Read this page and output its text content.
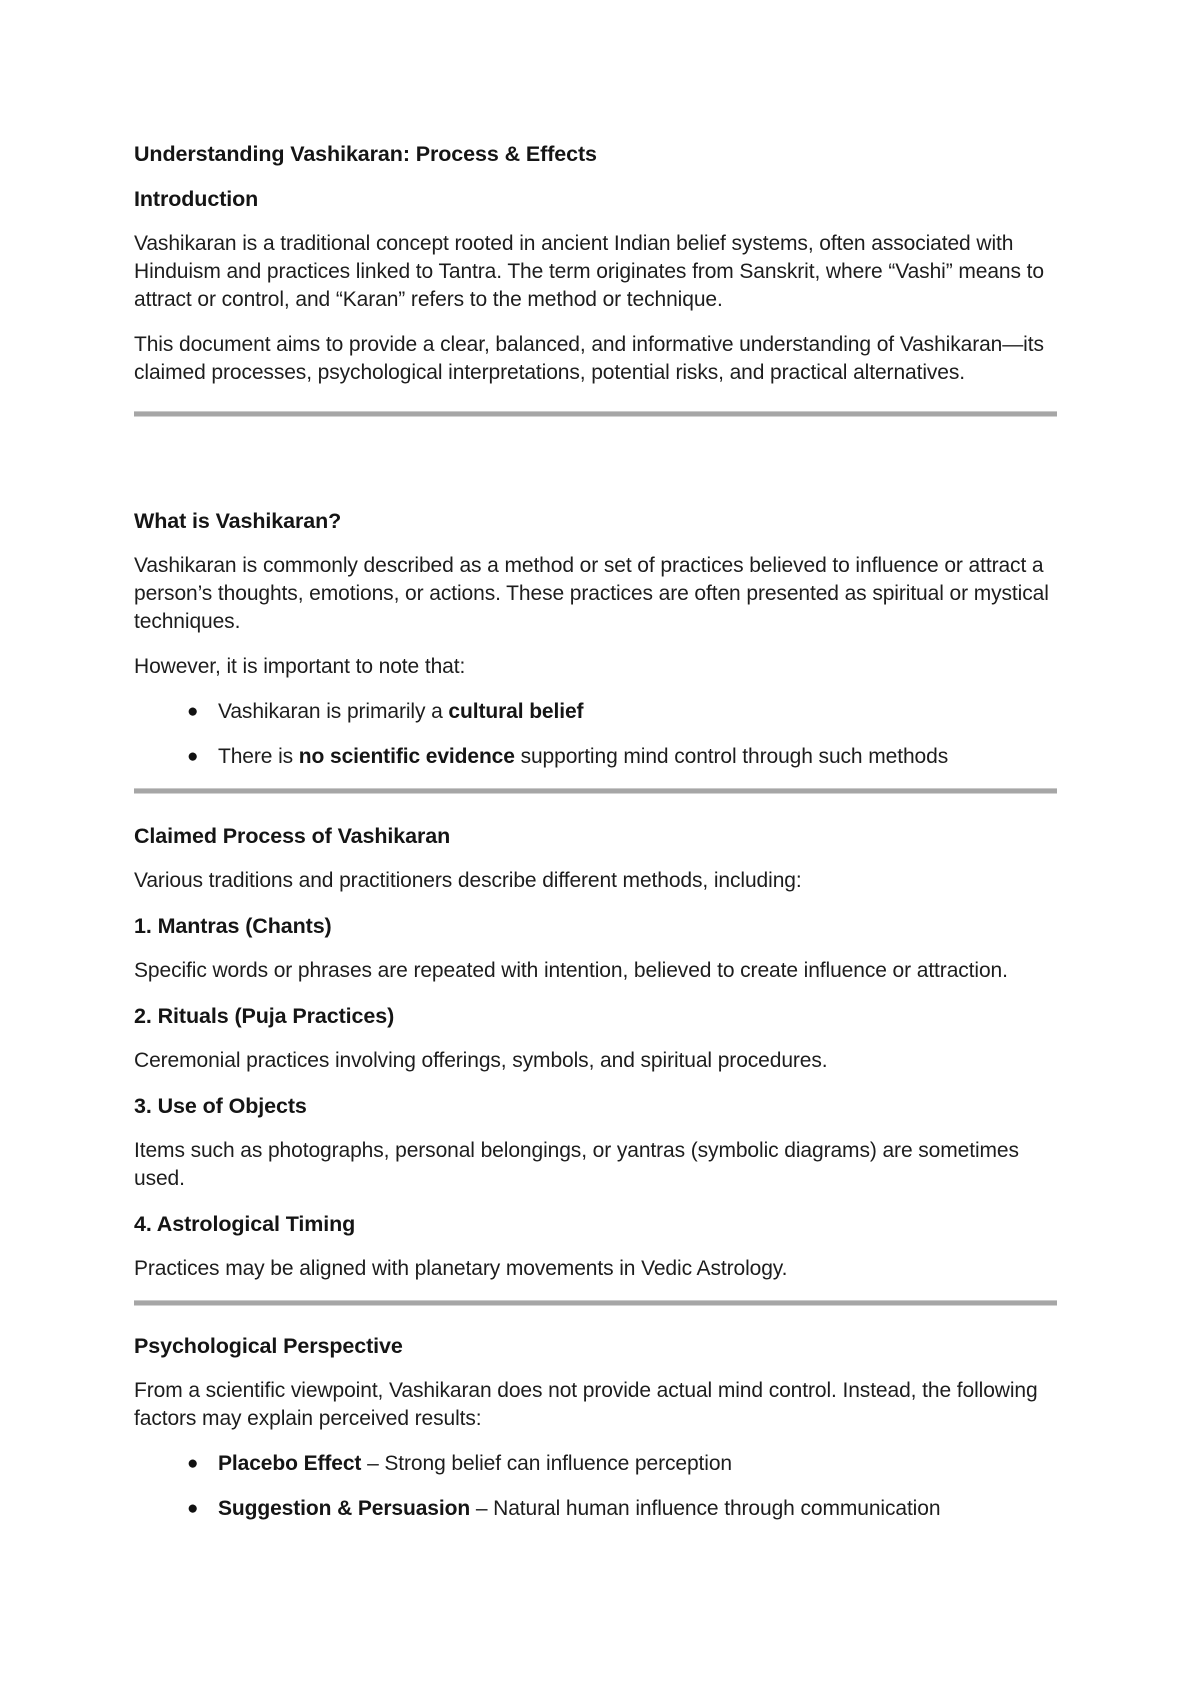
Understanding Vashikaran: Process & Effects
Introduction

Vashikaran is a traditional concept rooted in ancient Indian belief systems, often associated with Hinduism and practices linked to Tantra. The term originates from Sanskrit, where “Vashi” means to attract or control, and “Karan” refers to the method or technique.

This document aims to provide a clear, balanced, and informative understanding of Vashikaran—its claimed processes, psychological interpretations, potential risks, and practical alternatives.

What is Vashikaran?

Vashikaran is commonly described as a method or set of practices believed to influence or attract a person’s thoughts, emotions, or actions. These practices are often presented as spiritual or mystical techniques.

However, it is important to note that:

● Vashikaran is primarily a cultural belief
● There is no scientific evidence supporting mind control through such methods
Claimed Process of Vashikaran

Various traditions and practitioners describe different methods, including:

1. Mantras (Chants)

Specific words or phrases are repeated with intention, believed to create influence or attraction.

2. Rituals (Puja Practices)

Ceremonial practices involving offerings, symbols, and spiritual procedures.

3. Use of Objects

Items such as photographs, personal belongings, or yantras (symbolic diagrams) are sometimes used.

4. Astrological Timing

Practices may be aligned with planetary movements in Vedic Astrology.

Psychological Perspective

From a scientific viewpoint, Vashikaran does not provide actual mind control. Instead, the following factors may explain perceived results:

● Placebo Effect – Strong belief can influence perception
● Suggestion & Persuasion – Natural human influence through communication
